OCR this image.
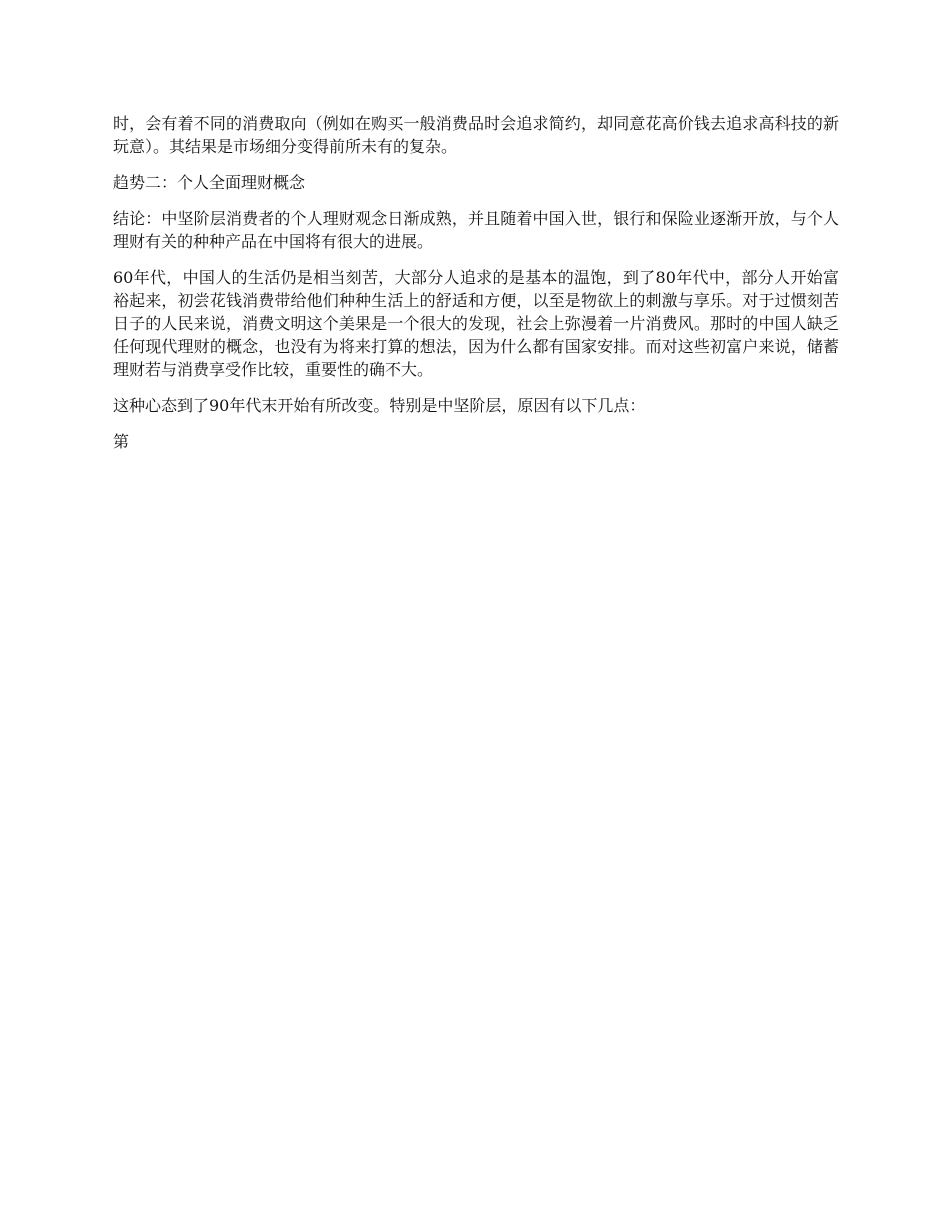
时，会有着不同的消费取向（例如在购买一般消费品时会追求简约，却同意花高价钱去追求高科技的新玩意）。其结果是市场细分变得前所未有的复杂。

趋势二：个人全面理财概念

结论：中坚阶层消费者的个人理财观念日渐成熟，并且随着中国入世，银行和保险业逐渐开放，与个人理财有关的种种产品在中国将有很大的进展。

60年代，中国人的生活仍是相当刻苦，大部分人追求的是基本的温饱，到了80年代中，部分人开始富裕起来，初尝花钱消费带给他们种种生活上的舒适和方便，以至是物欲上的刺激与享乐。对于过惯刻苦日子的人民来说，消费文明这个美果是一个很大的发现，社会上弥漫着一片消费风。那时的中国人缺乏任何现代理财的概念，也没有为将来打算的想法，因为什么都有国家安排。而对这些初富户来说，储蓄理财若与消费享受作比较，重要性的确不大。

这种心态到了90年代末开始有所改变。特别是中坚阶层，原因有以下几点：

第
